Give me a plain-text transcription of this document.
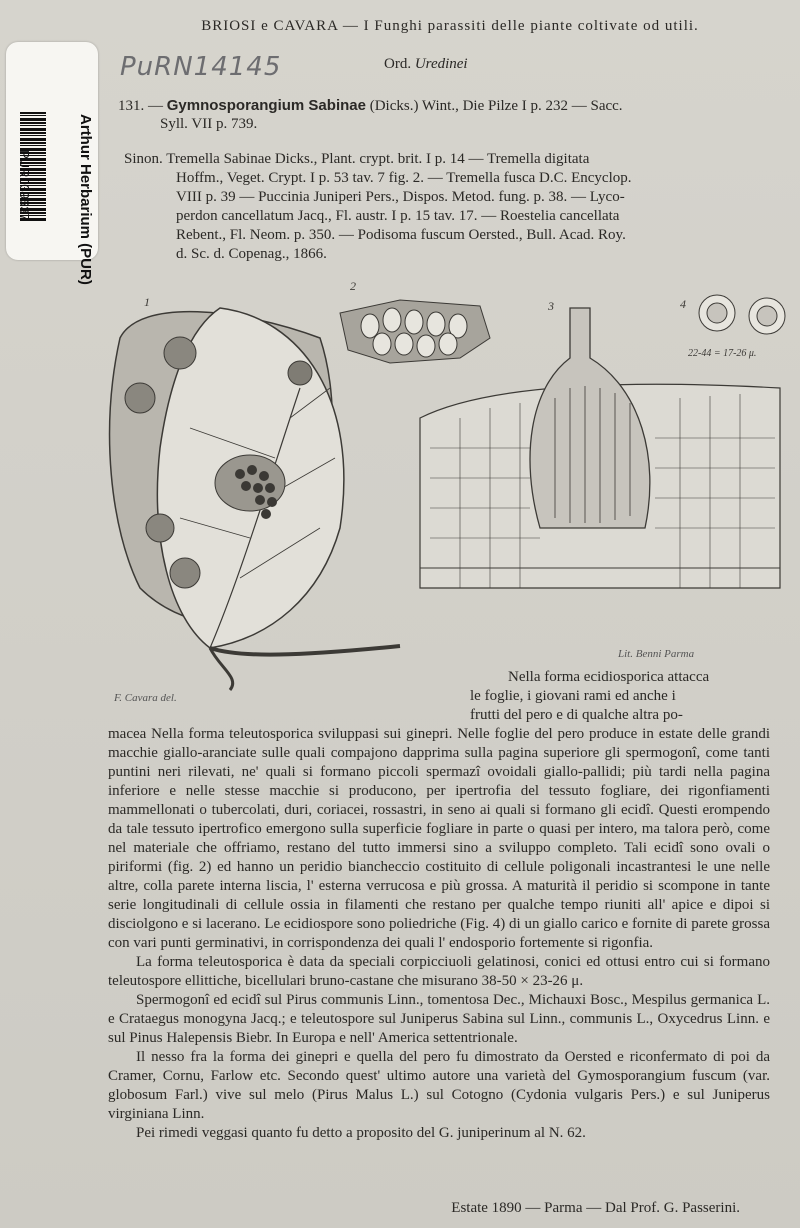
PUR039637	Arthur Herbarium (PUR)
PuRN14145
BRIOSI e CAVARA — I Funghi parassiti delle piante coltivate od utili.
Ord. Uredinei
131. — Gymnosporangium Sabinae (Dicks.) Wint., Die Pilze I p. 232 — Sacc.
Syll. VII p. 739.
Sinon. Tremella Sabinae Dicks., Plant. crypt. brit. I p. 14 — Tremella digitata
Hoffm., Veget. Crypt. I p. 53 tav. 7 fig. 2. — Tremella fusca D.C. Encyclop.
VIII p. 39 — Puccinia Juniperi Pers., Dispos. Metod. fung. p. 38. — Lyco-
perdon cancellatum Jacq., Fl. austr. I p. 15 tav. 17. — Roestelia cancellata
Rebent., Fl. Neom. p. 350. — Podisoma fuscum Oersted., Bull. Acad. Roy.
d. Sc. d. Copenag., 1866.
1
2
3	4
22-44 = 17-26 μ.
F. Cavara del.
Lit. Benni Parma
Nella forma ecidiosporica attacca
le foglie, i giovani rami ed anche i
frutti del pero e di qualche altra po-

macea Nella forma teleutosporica sviluppasi sui ginepri. Nelle foglie del pero produce in estate delle grandi macchie giallo-aranciate sulle quali compajono dapprima sulla pagina superiore gli spermogonî, come tanti puntini neri rilevati, ne' quali si formano piccoli spermazî ovoidali giallo-pallidi; più tardi nella pagina inferiore e nelle stesse macchie si producono, per ipertrofia del tessuto fogliare, dei rigonfiamenti mammellonati o tubercolati, duri, coriacei, rossastri, in seno ai quali si formano gli ecidî. Questi erompendo da tale tessuto ipertrofico emergono sulla superficie fogliare in parte o quasi per intero, ma talora però, come nel materiale che offriamo, restano del tutto immersi sino a sviluppo completo. Tali ecidî sono ovali o piriformi (fig. 2) ed hanno un peridio biancheccio costituito di cellule poligonali incastrantesi le une nelle altre, colla parete interna liscia, l' esterna verrucosa e più grossa. A maturità il peridio si scompone in tante serie longitudinali di cellule ossia in filamenti che restano per qualche tempo riuniti all' apice e dipoi si disciolgono e si lacerano. Le ecidiospore sono poliedriche (Fig. 4) di un giallo carico e fornite di parete grossa con vari punti germinativi, in corrispondenza dei quali l' endosporio fortemente si rigonfia.

La forma teleutosporica è data da speciali corpicciuoli gelatinosi, conici ed ottusi entro cui si formano teleutospore ellittiche, bicellulari bruno-castane che misurano 38-50 × 23-26 μ.

Spermogonî ed ecidî sul Pirus communis Linn., tomentosa Dec., Michauxi Bosc., Mespilus germanica L. e Crataegus monogyna Jacq.; e teleutospore sul Juniperus Sabina sul Linn., communis L., Oxycedrus Linn. e sul Pinus Halepensis Biebr. In Europa e nell' America settentrionale.

Il nesso fra la forma dei ginepri e quella del pero fu dimostrato da Oersted e riconfermato di poi da Cramer, Cornu, Farlow etc. Secondo quest' ultimo autore una varietà del Gymosporangium fuscum (var. globosum Farl.) vive sul melo (Pirus Malus L.) sul Cotogno (Cydonia vulgaris Pers.) e sul Juniperus virginiana Linn.

Pei rimedi veggasi quanto fu detto a proposito del G. juniperinum al N. 62.

Estate 1890 — Parma — Dal Prof. G. Passerini.
